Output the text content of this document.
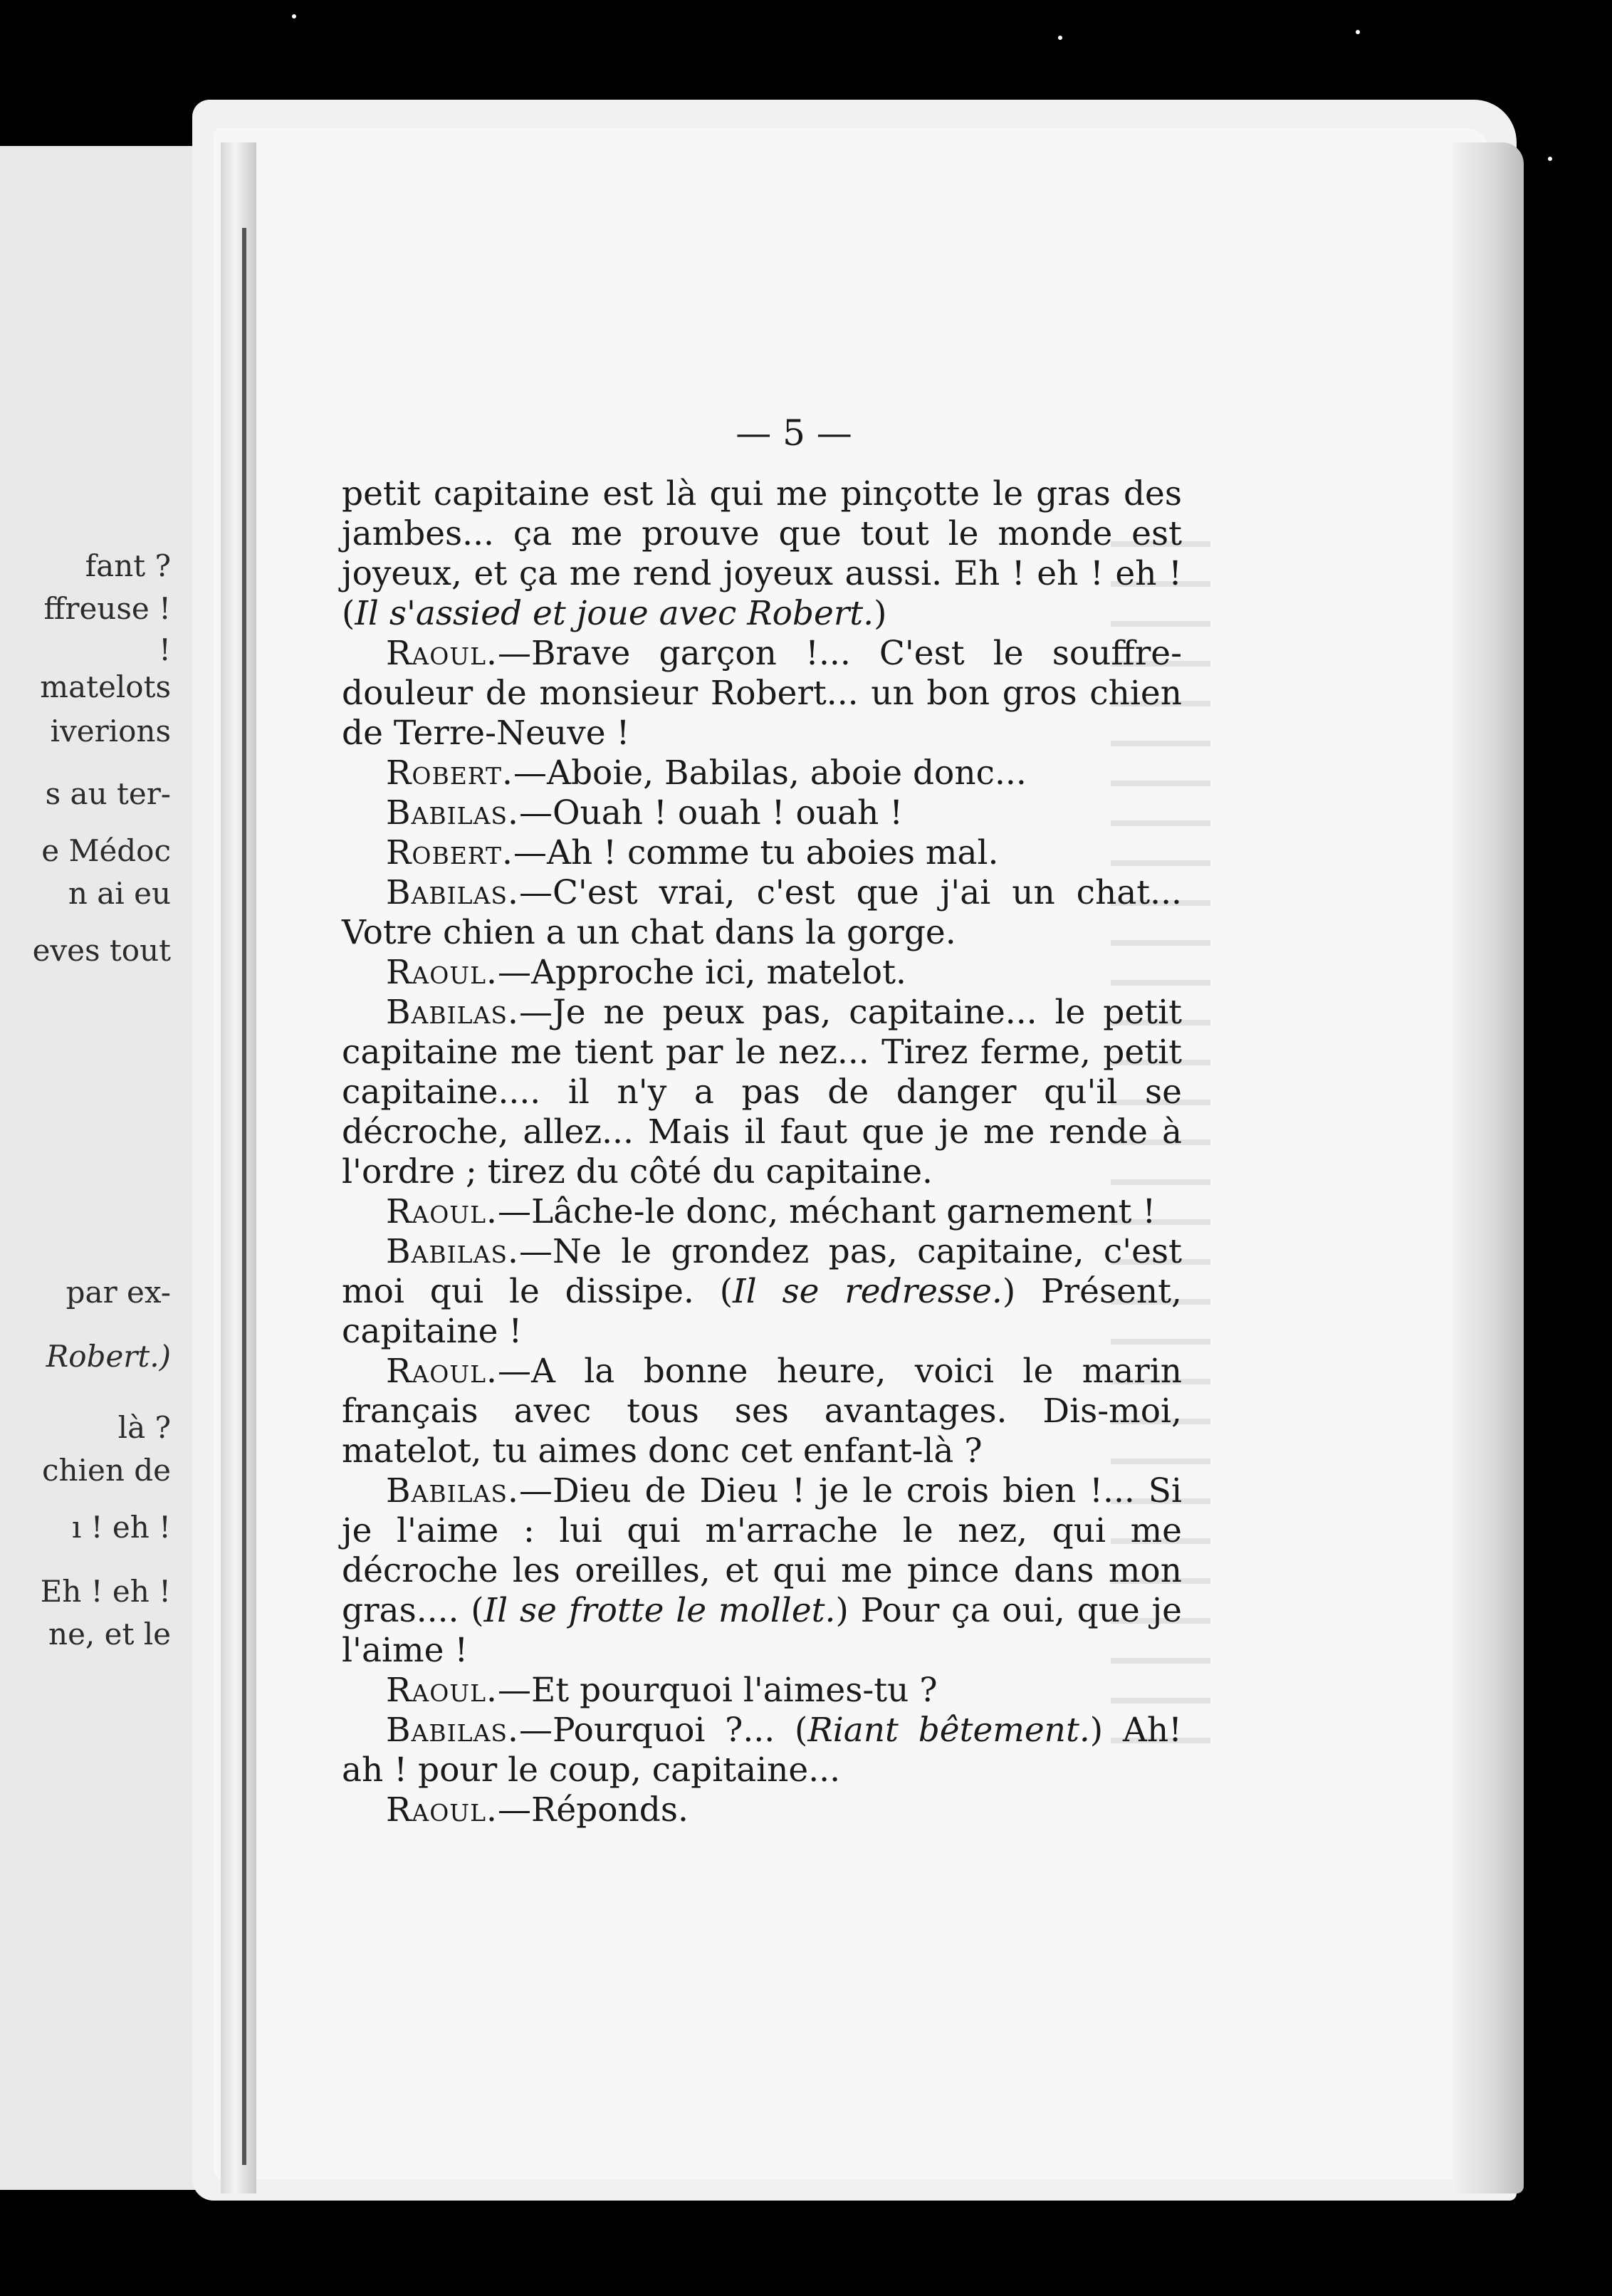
fant ?
ffreuse !
!
matelots
iverions
s au ter-
e Médoc
n ai eu
eves tout
par ex-
Robert.)
là ?
chien de
ı ! eh !
Eh ! eh !
ne, et le
— 5 —
petit capitaine est là qui me pinçotte le gras des jambes... ça me prouve que tout le monde est joyeux, et ça me rend joyeux aussi. Eh ! eh ! eh ! (Il s'assied et joue avec Robert.)
Raoul.—Brave garçon !... C'est le souffre-douleur de monsieur Robert... un bon gros chien de Terre-Neuve !
Robert.—Aboie, Babilas, aboie donc...
Babilas.—Ouah ! ouah ! ouah !
Robert.—Ah ! comme tu aboies mal.
Babilas.—C'est vrai, c'est que j'ai un chat... Votre chien a un chat dans la gorge.
Raoul.—Approche ici, matelot.
Babilas.—Je ne peux pas, capitaine... le petit capitaine me tient par le nez... Tirez ferme, petit capitaine.... il n'y a pas de danger qu'il se décroche, allez... Mais il faut que je me rende à l'ordre ; tirez du côté du capitaine.
Raoul.—Lâche-le donc, méchant garnement !
Babilas.—Ne le grondez pas, capitaine, c'est moi qui le dissipe. (Il se redresse.) Présent, capitaine !
Raoul.—A la bonne heure, voici le marin français avec tous ses avantages. Dis-moi, matelot, tu aimes donc cet enfant-là ?
Babilas.—Dieu de Dieu ! je le crois bien !... Si je l'aime : lui qui m'arrache le nez, qui me décroche les oreilles, et qui me pince dans mon gras.... (Il se frotte le mollet.) Pour ça oui, que je l'aime !
Raoul.—Et pourquoi l'aimes-tu ?
Babilas.—Pourquoi ?... (Riant bêtement.) Ah! ah ! pour le coup, capitaine...
Raoul.—Réponds.
